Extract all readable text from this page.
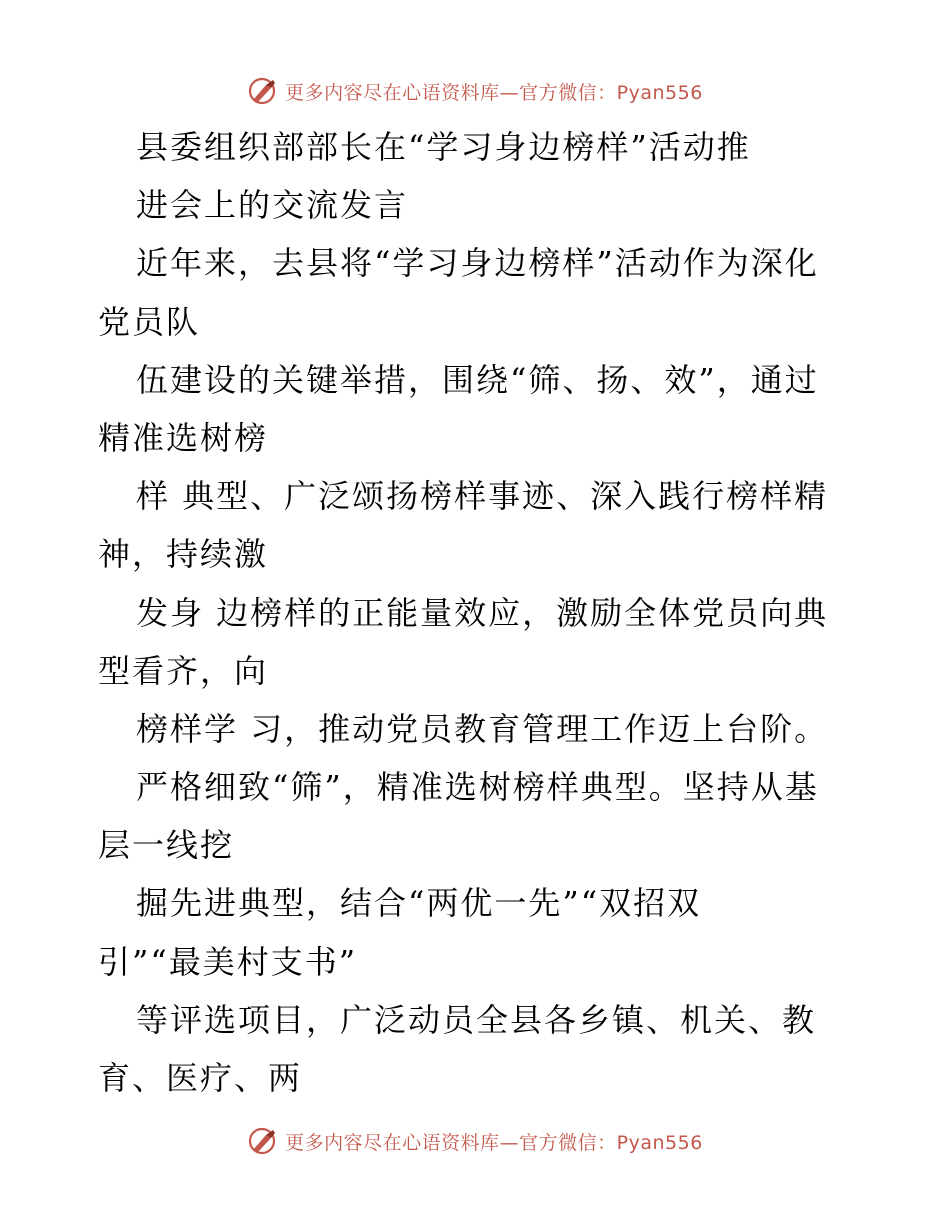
更多内容尽在心语资料库—官方微信：Pyan556
县委组织部部长在“学习身边榜样”活动推
进会上的交流发言
近年来，去县将“学习身边榜样”活动作为深化
党员队
伍建设的关键举措，围绕“筛、扬、效”，通过
精准选树榜
样 典型、广泛颂扬榜样事迹、深入践行榜样精
神，持续激
发身 边榜样的正能量效应，激励全体党员向典
型看齐，向
榜样学 习，推动党员教育管理工作迈上台阶。
严格细致“筛”，精准选树榜样典型。坚持从基
层一线挖
掘先进典型，结合“两优一先”“双招双
引”“最美村支书”
等评选项目，广泛动员全县各乡镇、机关、教
育、医疗、两
更多内容尽在心语资料库—官方微信：Pyan556
